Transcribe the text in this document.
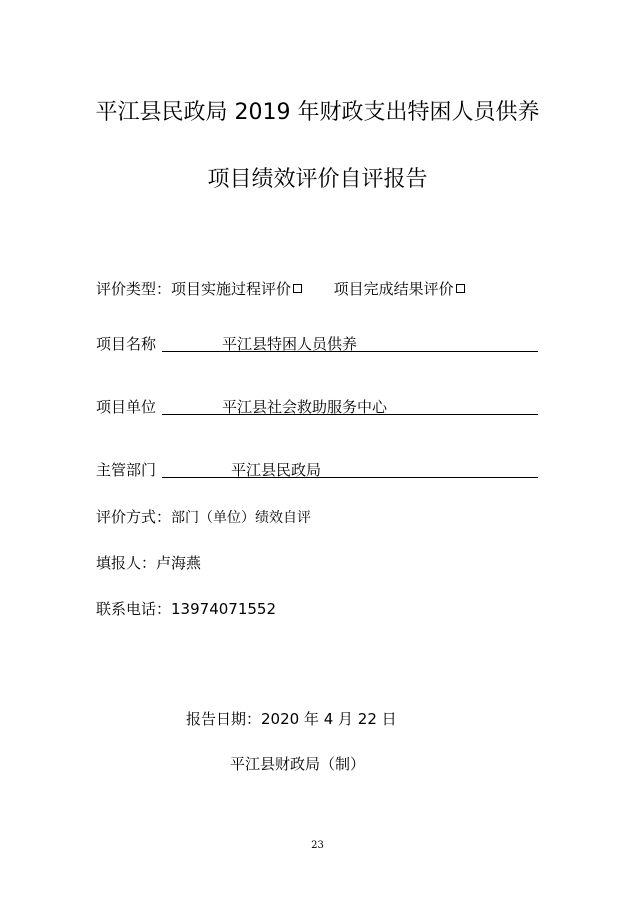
平江县民政局 2019 年财政支出特困人员供养
项目绩效评价自评报告
评价类型：项目实施过程评价	项目完成结果评价
项目名称	平江县特困人员供养
项目单位	平江县社会救助服务中心
主管部门	平江县民政局
评价方式：部门（单位）绩效自评
填报人：卢海燕
联系电话：13974071552
报告日期：2020 年 4 月 22 日
平江县财政局（制）
23
